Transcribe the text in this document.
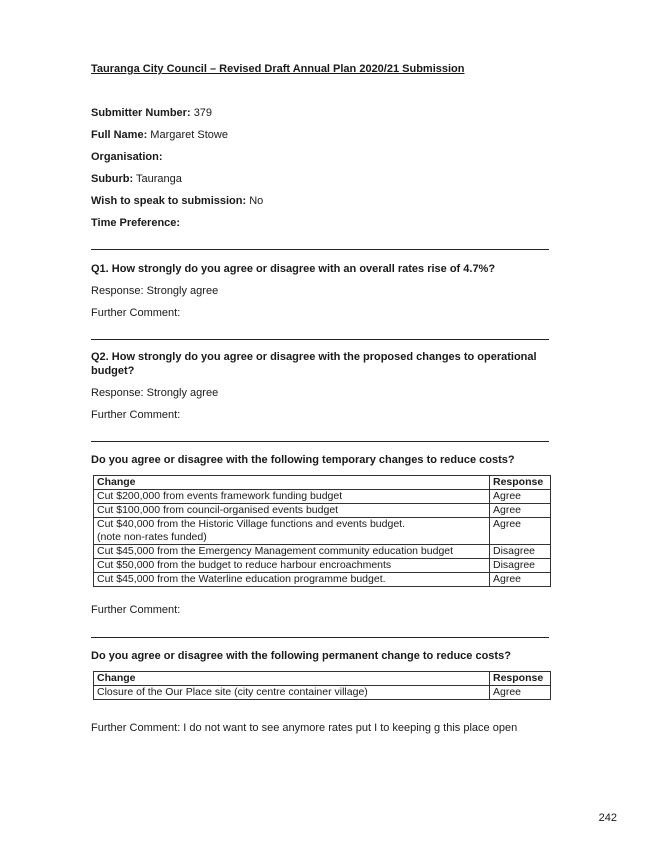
Tauranga City Council – Revised Draft Annual Plan 2020/21 Submission
Submitter Number: 379
Full Name: Margaret Stowe
Organisation:
Suburb: Tauranga
Wish to speak to submission: No
Time Preference:
Q1. How strongly do you agree or disagree with an overall rates rise of 4.7%?
Response: Strongly agree
Further Comment:
Q2. How strongly do you agree or disagree with the proposed changes to operational budget?
Response: Strongly agree
Further Comment:
Do you agree or disagree with the following temporary changes to reduce costs?
Change	Response
Cut $200,000 from events framework funding budget	Agree
Cut $100,000 from council-organised events budget	Agree

Cut $40,000 from the Historic Village functions and events budget.
(note non-rates funded)	Agree
Cut $45,000 from the Emergency Management community education budget	Disagree
Cut $50,000 from the budget to reduce harbour encroachments	Disagree
Cut $45,000 from the Waterline education programme budget.	Agree
Further Comment:
Do you agree or disagree with the following permanent change to reduce costs?
Change	Response
Closure of the Our Place site (city centre container village)	Agree
Further Comment: I do not want to see anymore rates put I to keeping g this place open
242
